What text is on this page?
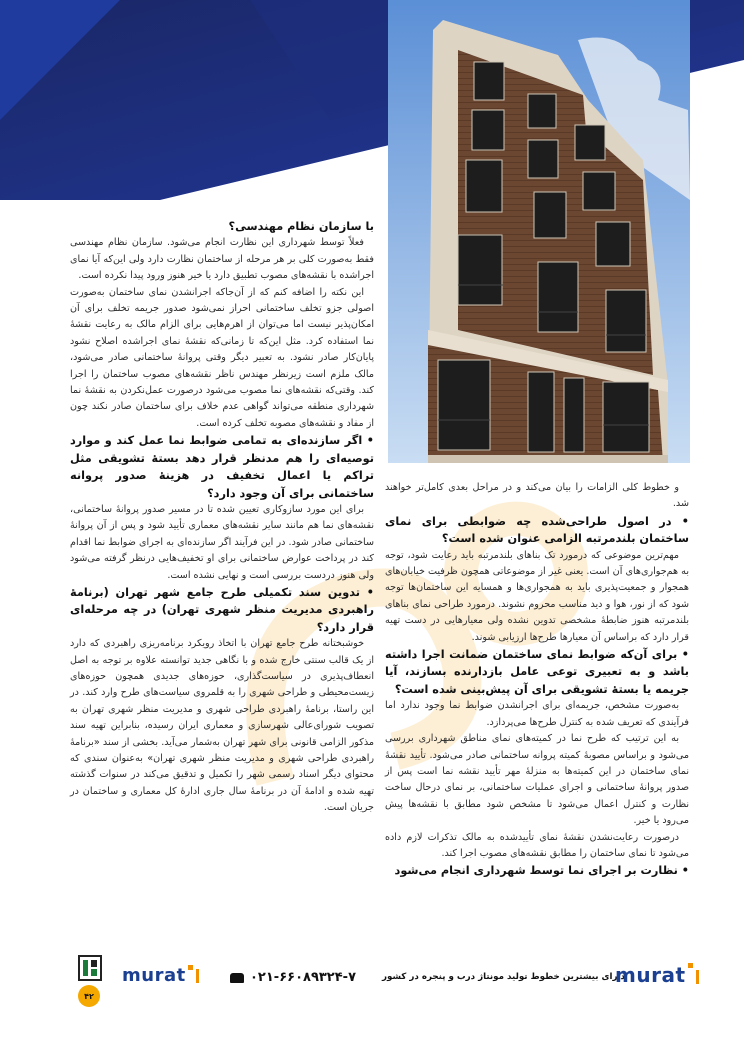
با سازمان نظام مهندسی؟

فعلاً توسط شهرداری این نظارت انجام می‌شود. سازمان نظام مهندسی فقط به‌صورت کلی بر هر مرحله از ساختمان نظارت دارد ولی این‌که آیا نمای اجراشده با نقشه‌های مصوب تطبیق دارد یا خیر هنوز ورود پیدا نکرده است.

این نکته را اضافه کنم که از آن‌جاکه اجرانشدن نمای ساختمان به‌صورت اصولی جزو تخلف ساختمانی احراز نمی‌شود صدور جریمه تخلف برای آن امکان‌پذیر نیست اما می‌توان از اهرم‌هایی برای الزام مالک به رعایت نقشهٔ نما استفاده کرد. مثل این‌که تا زمانی‌که نقشهٔ نمای اجراشده اصلاح نشود پایان‌کار صادر نشود. به تعبیر دیگر وقتی پروانهٔ ساختمانی صادر می‌شود، مالک ملزم است زیرنظر مهندس ناظر نقشه‌های مصوب ساختمان را اجرا کند. وقتی‌که نقشه‌های نما مصوب می‌شود درصورت عمل‌نکردن به نقشهٔ نما شهرداری منطقه می‌تواند گواهی عدم خلاف برای ساختمان صادر نکند چون از مفاد و نقشه‌های مصوبه تخلف کرده است.

• اگر سازنده‌ای به تمامی ضوابط نما عمل کند و موارد توصیه‌ای را هم مدنظر قرار دهد بستهٔ تشویقی مثل تراکم یا اعمال تخفیف در هزینهٔ صدور پروانه ساختمانی برای آن وجود دارد؟

برای این مورد سازوکاری تعیین شده تا در مسیر صدور پروانهٔ ساختمانی، نقشه‌های نما هم مانند سایر نقشه‌های معماری تأیید شود و پس از آن پروانهٔ ساختمانی صادر شود. در این فرآیند اگر سازنده‌ای به اجرای ضوابط نما اقدام کند در پرداخت عوارض ساختمانی برای او تخفیف‌هایی درنظر گرفته می‌شود ولی هنوز دردست بررسی است و نهایی نشده است.

• تدوین سند تکمیلی طرح جامع شهر تهران (برنامهٔ راهبردی مدیریت منظر شهری تهران) در چه مرحله‌ای قرار دارد؟

خوشبختانه طرح جامع تهران با اتخاذ رویکرد برنامه‌ریزی راهبردی که دارد از یک قالب سنتی خارج شده و با نگاهی جدید توانسته علاوه بر توجه به اصل انعطاف‌پذیری در سیاست‌گذاری، حوزه‌های جدیدی همچون حوزه‌های زیست‌محیطی و طراحی شهری را به قلمروی سیاست‌های طرح وارد کند. در این راستا، برنامهٔ راهبردی طراحی شهری و مدیریت منظر شهری تهران به تصویب شورای‌عالی شهرسازی و معماری ایران رسیده، بنابراین تهیه سند مذکور الزامی قانونی برای شهر تهران به‌شمار می‌آید. بخشی از سند «برنامهٔ راهبردی طراحی شهری و مدیریت منظر شهری تهران» به‌عنوان سندی که محتوای دیگر اسناد رسمی شهر را تکمیل و تدقیق می‌کند در سنوات گذشته تهیه شده و ادامهٔ آن در برنامهٔ سال جاری ادارهٔ کل معماری و ساختمان در جریان است.

و خطوط کلی الزامات را بیان می‌کند و در مراحل بعدی کامل‌تر خواهند شد.

• در اصول طراحی‌شده چه ضوابطی برای نمای ساختمان بلندمرتبه الزامی عنوان شده است؟

مهم‌ترین موضوعی که درمورد تک بناهای بلندمرتبه باید رعایت شود، توجه به هم‌جواری‌های آن است. یعنی غیر از موضوعاتی همچون ظرفیت خیابان‌های همجوار و جمعیت‌پذیری باید به همجواری‌ها و همسایه این ساختمان‌ها توجه شود که از نور، هوا و دید مناسب محروم نشوند. درمورد طراحی نمای بناهای بلندمرتبه هنوز ضابطهٔ مشخصی تدوین نشده ولی معیارهایی در دست تهیه قرار دارد که براساس آن معیارها طرح‌ها ارزیابی شوند.

• برای آن‌که ضوابط نمای ساختمان ضمانت اجرا داشته باشد و به تعبیری توعی عامل بازدارنده بسازند، آیا جریمه یا بستهٔ تشویقی برای آن پیش‌بینی شده است؟

به‌صورت مشخص، جریمه‌ای برای اجرانشدن ضوابط نما وجود ندارد اما فرآیندی که تعریف شده به کنترل طرح‌ها می‌پردازد.

به این ترتیب که طرح نما در کمیته‌های نمای مناطق شهرداری بررسی می‌شود و براساس مصوبهٔ کمیته پروانه ساختمانی صادر می‌شود. تأیید نقشهٔ نمای ساختمان در این کمیته‌ها به منزلهٔ مهر تأیید نقشه نما است پس از صدور پروانهٔ ساختمانی و اجرای عملیات ساختمانی، بر نمای درحال ساخت نظارت و کنترل اعمال می‌شود تا مشخص شود مطابق با نقشه‌ها پیش می‌رود یا خیر.

درصورت رعایت‌نشدن نقشهٔ نمای تأییدشده به مالک تذکرات لازم داده می‌شود تا نمای ساختمان را مطابق نقشه‌های مصوب اجرا کند.

• نظارت بر اجرای نما توسط شهرداری انجام می‌شود
۴۲
murat	۰۲۱-۶۶۰۸۹۳۲۴-۷	دارای بیشترین خطوط تولید مونتاژ درب و پنجره در کشور
murat
